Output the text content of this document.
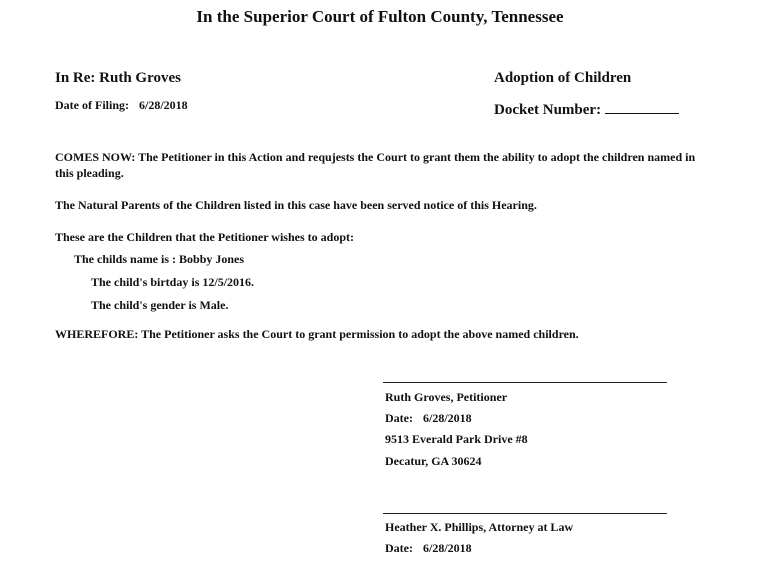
In the Superior Court of Fulton County, Tennessee
In Re: Ruth Groves
Date of Filing: 6/28/2018
Adoption of Children
Docket Number:
COMES NOW: The Petitioner in this Action and requjests the Court to grant them the ability to adopt the children named in this pleading.
The Natural Parents of the Children listed in this case have been served notice of this Hearing.
These are the Children that the Petitioner wishes to adopt:
The childs name is : Bobby Jones
The child's birtday is 12/5/2016.
The child's gender is Male.
WHEREFORE: The Petitioner asks the Court to grant permission to adopt the above named children.
Ruth Groves, Petitioner
Date: 6/28/2018
9513 Everald Park Drive #8
Decatur, GA 30624
Heather X. Phillips, Attorney at Law
Date: 6/28/2018
